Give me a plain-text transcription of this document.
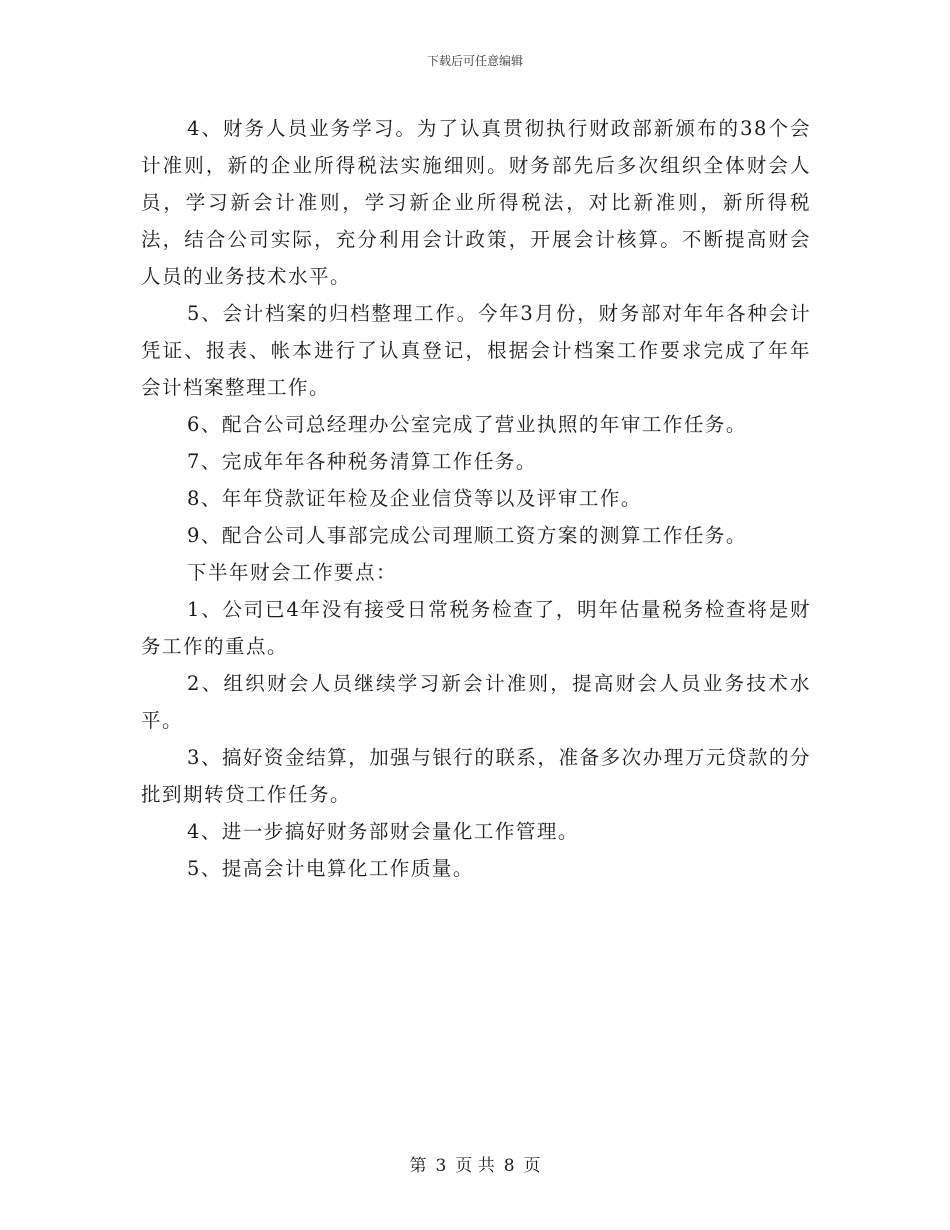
下载后可任意编辑

4、财务人员业务学习。为了认真贯彻执行财政部新颁布的38个会计准则，新的企业所得税法实施细则。财务部先后多次组织全体财会人员，学习新会计准则，学习新企业所得税法，对比新准则，新所得税法，结合公司实际，充分利用会计政策，开展会计核算。不断提高财会人员的业务技术水平。

5、会计档案的归档整理工作。今年3月份，财务部对年年各种会计凭证、报表、帐本进行了认真登记，根据会计档案工作要求完成了年年会计档案整理工作。

6、配合公司总经理办公室完成了营业执照的年审工作任务。

7、完成年年各种税务清算工作任务。

8、年年贷款证年检及企业信贷等以及评审工作。

9、配合公司人事部完成公司理顺工资方案的测算工作任务。

下半年财会工作要点：

1、公司已4年没有接受日常税务检查了，明年估量税务检查将是财务工作的重点。

2、组织财会人员继续学习新会计准则，提高财会人员业务技术水平。

3、搞好资金结算，加强与银行的联系，准备多次办理万元贷款的分批到期转贷工作任务。

4、进一步搞好财务部财会量化工作管理。

5、提高会计电算化工作质量。

第 3 页 共 8 页
